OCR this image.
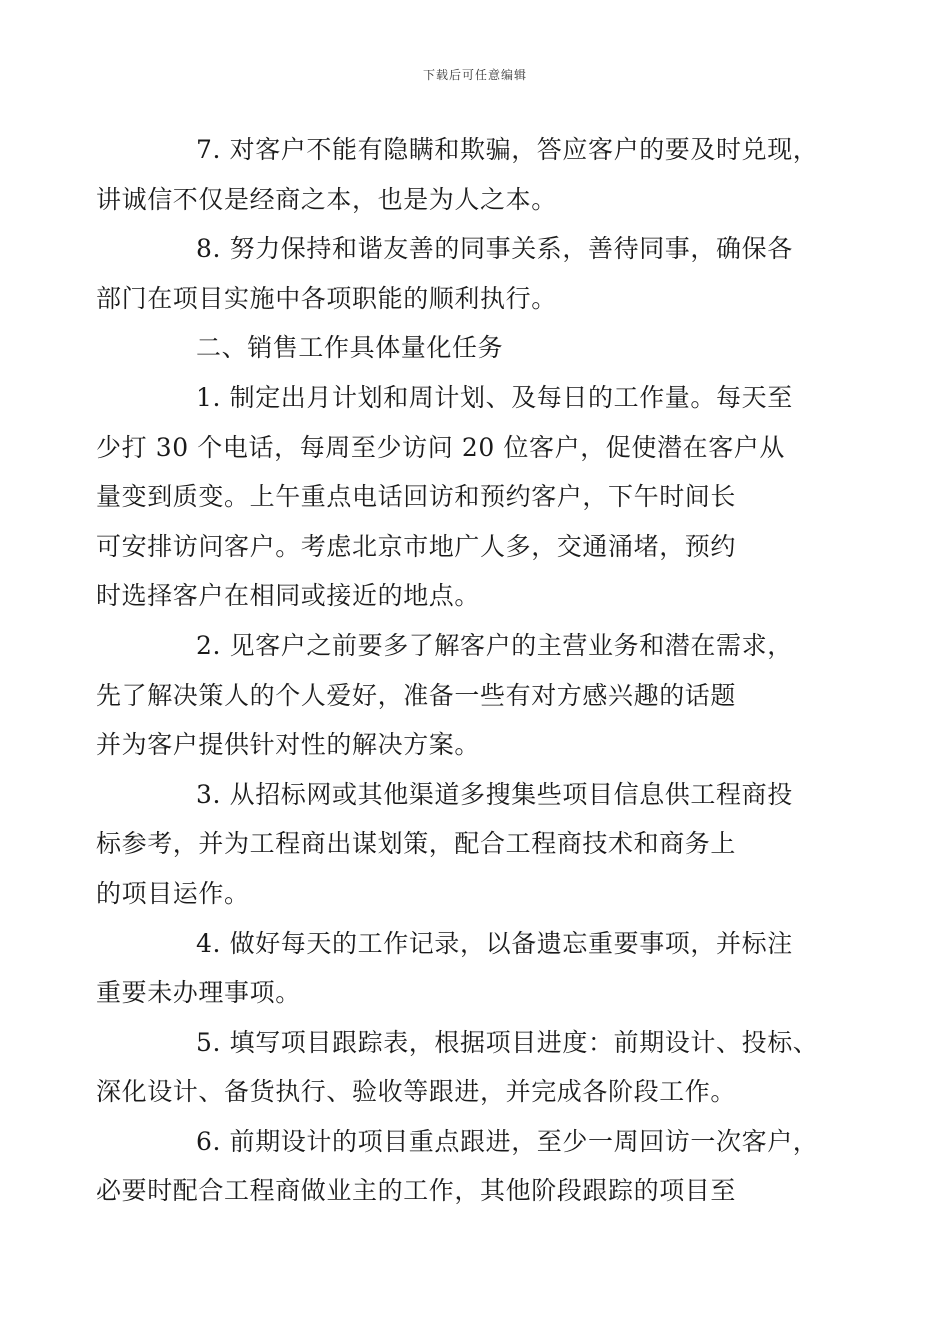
下载后可任意编辑

7. 对客户不能有隐瞒和欺骗，答应客户的要及时兑现，
讲诚信不仅是经商之本，也是为人之本。

8. 努力保持和谐友善的同事关系，善待同事，确保各
部门在项目实施中各项职能的顺利执行。

二、销售工作具体量化任务

1. 制定出月计划和周计划、及每日的工作量。每天至
少打 30 个电话，每周至少访问 20 位客户，促使潜在客户从
量变到质变。上午重点电话回访和预约客户，下午时间长
可安排访问客户。考虑北京市地广人多，交通涌堵，预约
时选择客户在相同或接近的地点。

2. 见客户之前要多了解客户的主营业务和潜在需求，
先了解决策人的个人爱好，准备一些有对方感兴趣的话题
并为客户提供针对性的解决方案。

3. 从招标网或其他渠道多搜集些项目信息供工程商投
标参考，并为工程商出谋划策，配合工程商技术和商务上
的项目运作。

4. 做好每天的工作记录，以备遗忘重要事项，并标注
重要未办理事项。

5. 填写项目跟踪表，根据项目进度：前期设计、投标、
深化设计、备货执行、验收等跟进，并完成各阶段工作。

6. 前期设计的项目重点跟进，至少一周回访一次客户，
必要时配合工程商做业主的工作，其他阶段跟踪的项目至
